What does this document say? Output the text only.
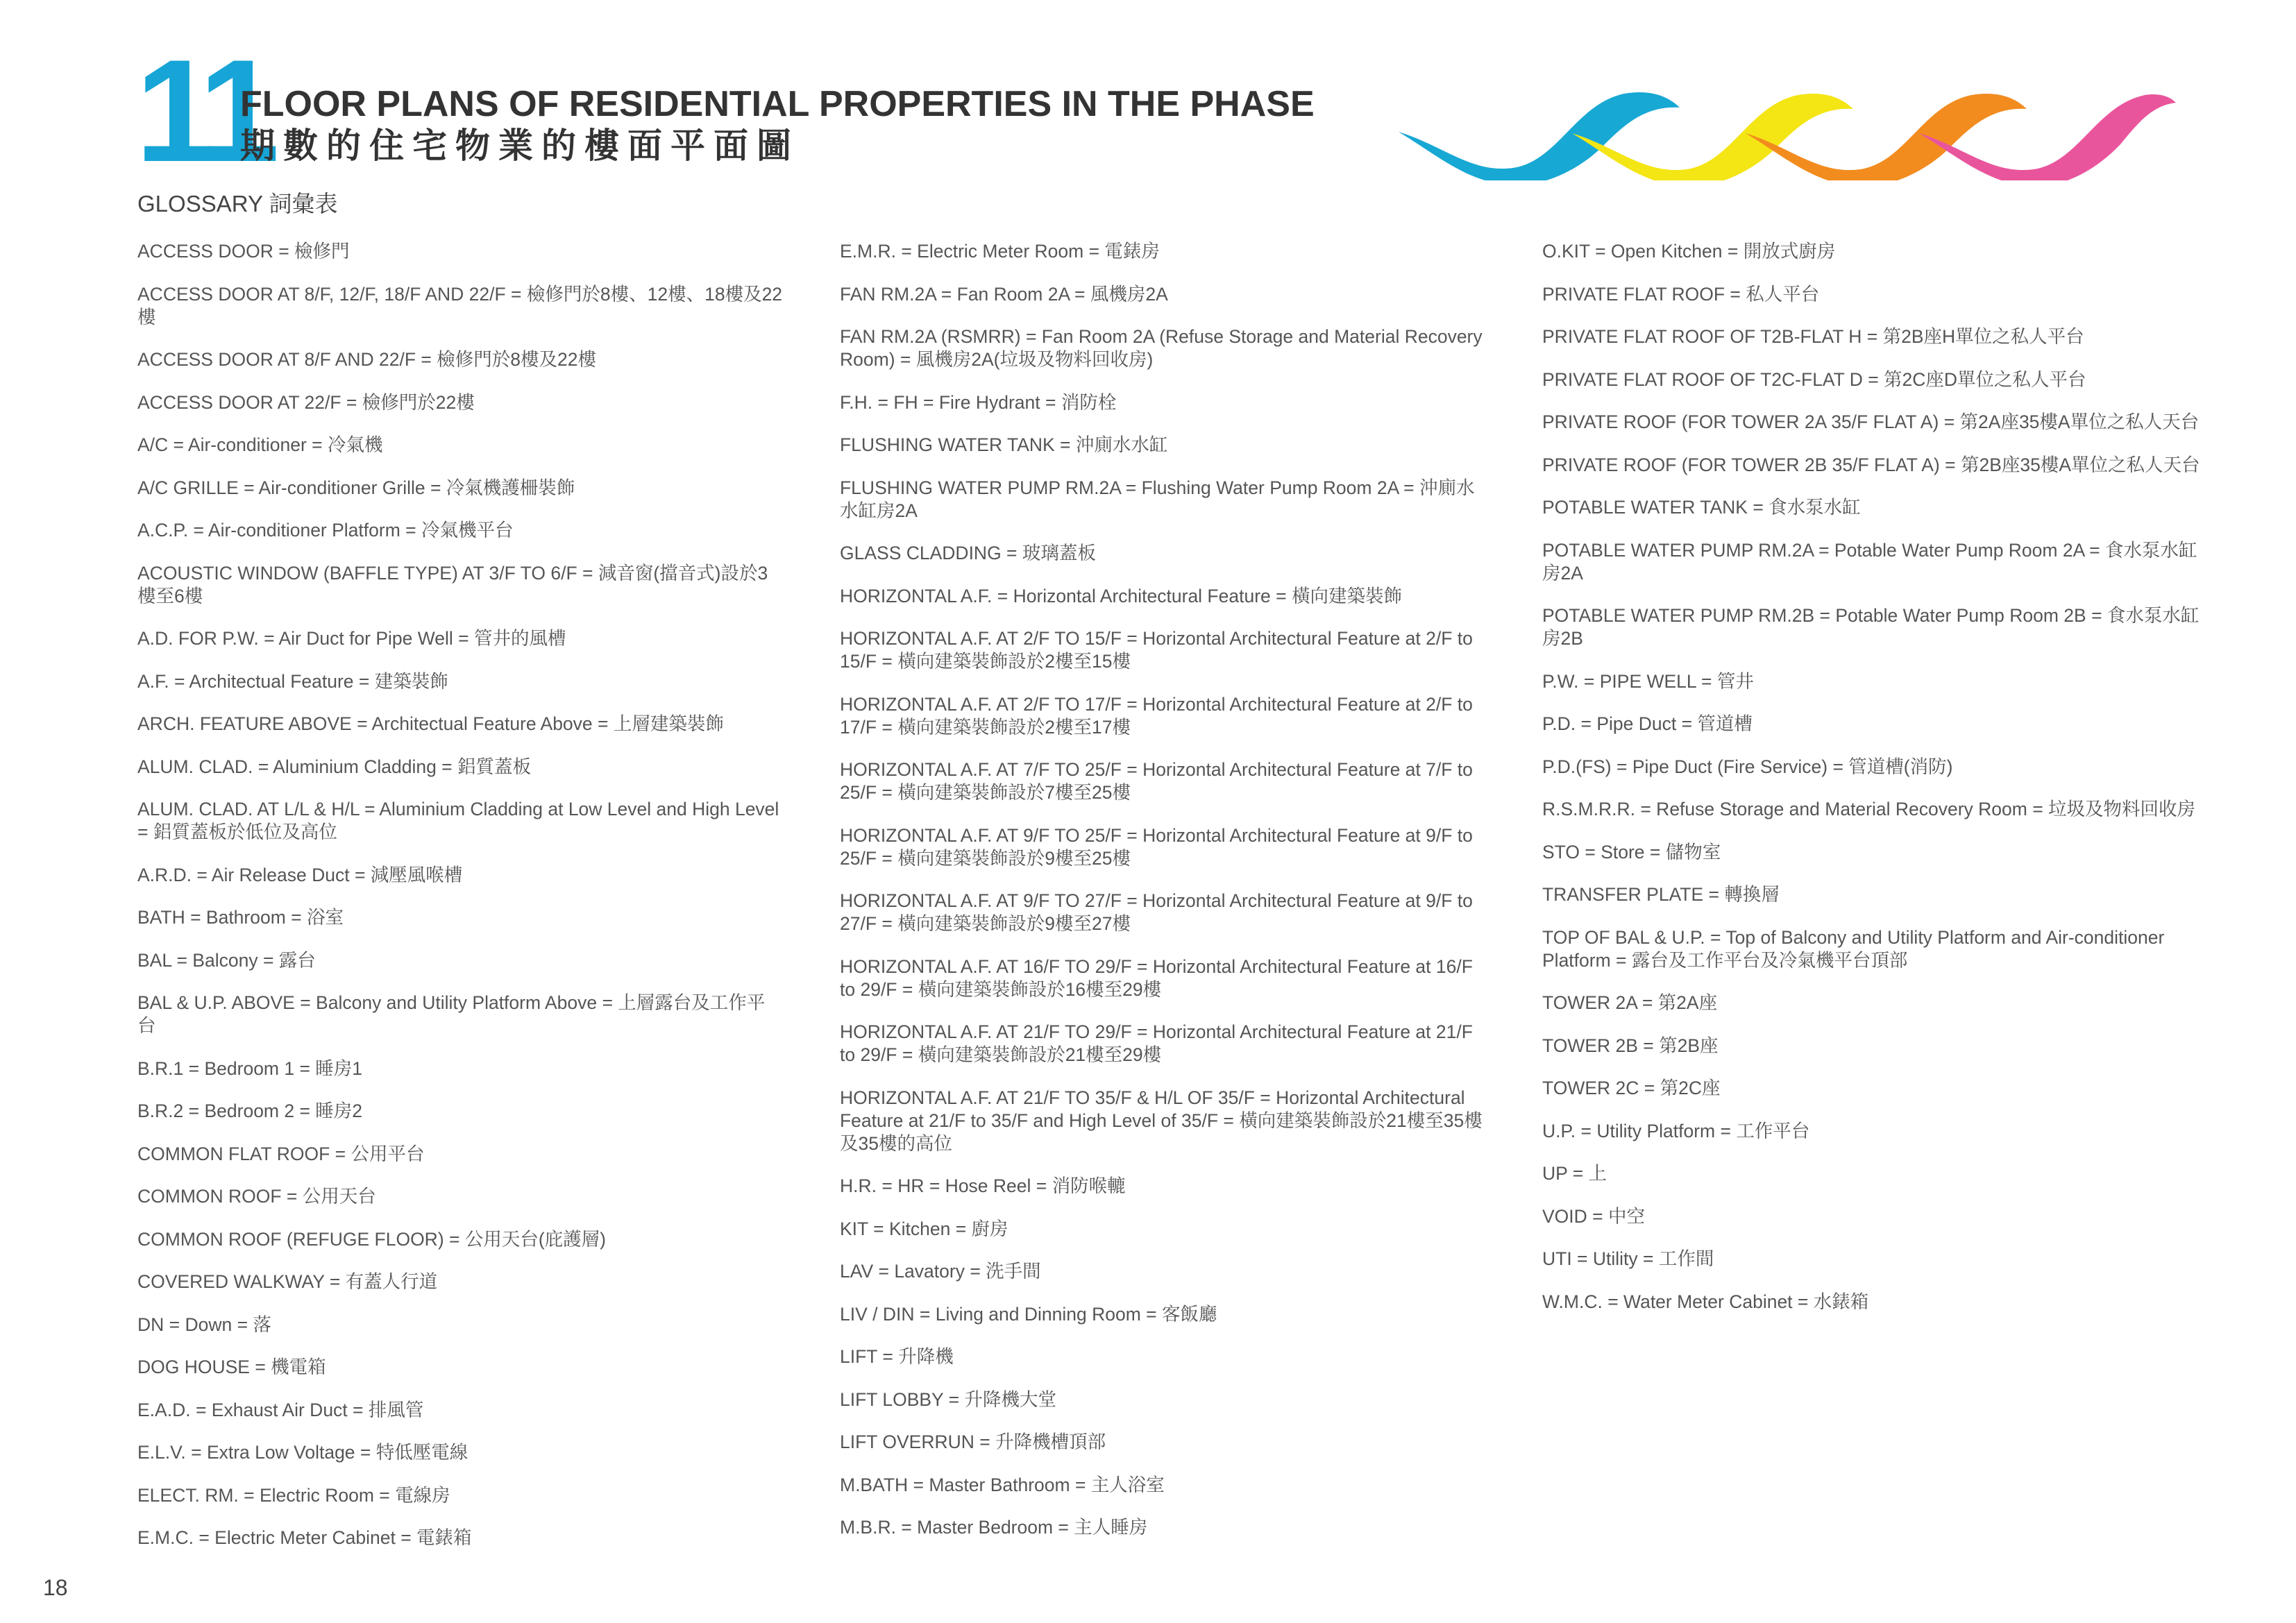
11
FLOOR PLANS OF RESIDENTIAL PROPERTIES IN THE PHASE
期數的住宅物業的樓面平面圖
GLOSSARY 詞彙表
ACCESS DOOR = 檢修門
ACCESS DOOR AT 8/F, 12/F, 18/F AND 22/F = 檢修門於8樓、12樓、18樓及22樓
ACCESS DOOR AT 8/F AND 22/F = 檢修門於8樓及22樓
ACCESS DOOR AT 22/F = 檢修門於22樓
A/C = Air-conditioner = 冷氣機
A/C GRILLE = Air-conditioner Grille = 冷氣機護柵裝飾
A.C.P. = Air-conditioner Platform = 冷氣機平台
ACOUSTIC WINDOW (BAFFLE TYPE) AT 3/F TO 6/F = 減音窗(擋音式)設於3樓至6樓
A.D. FOR P.W. = Air Duct for Pipe Well = 管井的風槽
A.F. = Architectual Feature = 建築裝飾
ARCH. FEATURE ABOVE = Architectual Feature Above = 上層建築裝飾
ALUM. CLAD. = Aluminium Cladding = 鋁質蓋板
ALUM. CLAD. AT L/L & H/L = Aluminium Cladding at Low Level and High Level = 鋁質蓋板於低位及高位
A.R.D. = Air Release Duct = 減壓風喉槽
BATH = Bathroom = 浴室
BAL = Balcony = 露台
BAL & U.P. ABOVE = Balcony and Utility Platform Above = 上層露台及工作平台
B.R.1 = Bedroom 1 = 睡房1
B.R.2 = Bedroom 2 = 睡房2
COMMON FLAT ROOF = 公用平台
COMMON ROOF = 公用天台
COMMON ROOF (REFUGE FLOOR) = 公用天台(庇護層)
COVERED WALKWAY = 有蓋人行道
DN = Down = 落
DOG HOUSE = 機電箱
E.A.D. = Exhaust Air Duct = 排風管
E.L.V. = Extra Low Voltage = 特低壓電線
ELECT. RM. = Electric Room = 電線房
E.M.C. = Electric Meter Cabinet = 電錶箱
E.M.R. = Electric Meter Room = 電錶房
FAN RM.2A = Fan Room 2A = 風機房2A
FAN RM.2A (RSMRR) = Fan Room 2A (Refuse Storage and Material Recovery Room) = 風機房2A(垃圾及物料回收房)
F.H. = FH = Fire Hydrant = 消防栓
FLUSHING WATER TANK = 沖廁水水缸
FLUSHING WATER PUMP RM.2A = Flushing Water Pump Room 2A = 沖廁水水缸房2A
GLASS CLADDING = 玻璃蓋板
HORIZONTAL A.F. = Horizontal Architectural Feature = 橫向建築裝飾
HORIZONTAL A.F. AT 2/F TO 15/F = Horizontal Architectural Feature at 2/F to 15/F = 橫向建築裝飾設於2樓至15樓
HORIZONTAL A.F. AT 2/F TO 17/F = Horizontal Architectural Feature at 2/F to 17/F = 橫向建築裝飾設於2樓至17樓
HORIZONTAL A.F. AT 7/F TO 25/F = Horizontal Architectural Feature at 7/F to 25/F = 橫向建築裝飾設於7樓至25樓
HORIZONTAL A.F. AT 9/F TO 25/F = Horizontal Architectural Feature at 9/F to 25/F = 橫向建築裝飾設於9樓至25樓
HORIZONTAL A.F. AT 9/F TO 27/F = Horizontal Architectural Feature at 9/F to 27/F = 橫向建築裝飾設於9樓至27樓
HORIZONTAL A.F. AT 16/F TO 29/F = Horizontal Architectural Feature at 16/F to 29/F = 橫向建築裝飾設於16樓至29樓
HORIZONTAL A.F. AT 21/F TO 29/F = Horizontal Architectural Feature at 21/F to 29/F = 橫向建築裝飾設於21樓至29樓
HORIZONTAL A.F. AT 21/F TO 35/F & H/L OF 35/F = Horizontal Architectural Feature at 21/F to 35/F and High Level of 35/F = 橫向建築裝飾設於21樓至35樓及35樓的高位
H.R. = HR = Hose Reel = 消防喉轆
KIT = Kitchen = 廚房
LAV = Lavatory = 洗手間
LIV / DIN = Living and Dinning Room = 客飯廳
LIFT = 升降機
LIFT LOBBY = 升降機大堂
LIFT OVERRUN = 升降機槽頂部
M.BATH = Master Bathroom = 主人浴室
M.B.R. = Master Bedroom = 主人睡房
O.KIT = Open Kitchen = 開放式廚房
PRIVATE FLAT ROOF = 私人平台
PRIVATE FLAT ROOF OF T2B-FLAT H = 第2B座H單位之私人平台
PRIVATE FLAT ROOF OF T2C-FLAT D = 第2C座D單位之私人平台
PRIVATE ROOF (FOR TOWER 2A 35/F FLAT A) = 第2A座35樓A單位之私人天台
PRIVATE ROOF (FOR TOWER 2B 35/F FLAT A) = 第2B座35樓A單位之私人天台
POTABLE WATER TANK = 食水泵水缸
POTABLE WATER PUMP RM.2A = Potable Water Pump Room 2A = 食水泵水缸房2A
POTABLE WATER PUMP RM.2B = Potable Water Pump Room 2B = 食水泵水缸房2B
P.W. = PIPE WELL = 管井
P.D. = Pipe Duct = 管道槽
P.D.(FS) = Pipe Duct (Fire Service) = 管道槽(消防)
R.S.M.R.R. = Refuse Storage and Material Recovery Room = 垃圾及物料回收房
STO = Store = 儲物室
TRANSFER PLATE = 轉換層
TOP OF BAL & U.P. = Top of Balcony and Utility Platform and Air-conditioner Platform = 露台及工作平台及冷氣機平台頂部
TOWER 2A = 第2A座
TOWER 2B = 第2B座
TOWER 2C = 第2C座
U.P. = Utility Platform = 工作平台
UP = 上
VOID = 中空
UTI = Utility = 工作間
W.M.C. = Water Meter Cabinet = 水錶箱
18
